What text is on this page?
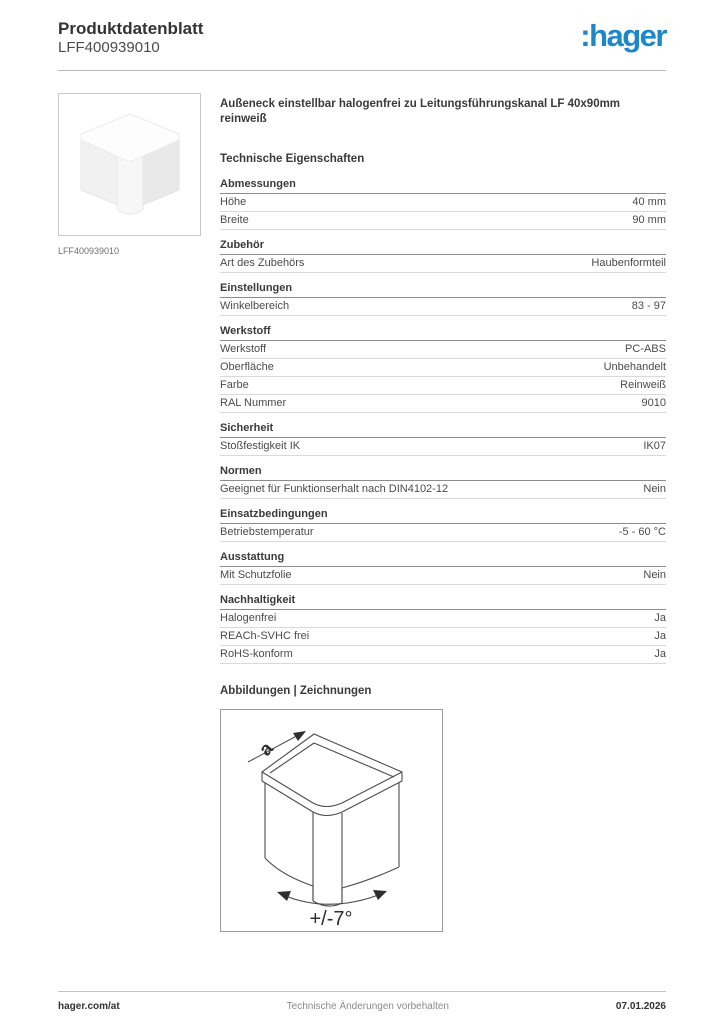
Produktdatenblatt
LFF400939010	:hager
LFF400939010
Außeneck einstellbar halogenfrei zu Leitungsführungskanal LF 40x90mm reinweiß
Technische Eigenschaften
Abmessungen
Höhe	40 mm
Breite	90 mm
Zubehör
Art des Zubehörs	Haubenformteil
Einstellungen
Winkelbereich	83 - 97
Werkstoff
Werkstoff	PC-ABS
Oberfläche	Unbehandelt
Farbe	Reinweiß
RAL Nummer	9010
Sicherheit
Stoßfestigkeit IK	IK07
Normen
Geeignet für Funktionserhalt nach DIN4102-12	Nein
Einsatzbedingungen
Betriebstemperatur	-5 - 60 °C
Ausstattung
Mit Schutzfolie	Nein
Nachhaltigkeit
Halogenfrei	Ja
REACh-SVHC frei	Ja
RoHS-konform	Ja
Abbildungen | Zeichnungen
a
+/-7°
hager.com/at	Technische Änderungen vorbehalten	07.01.2026
